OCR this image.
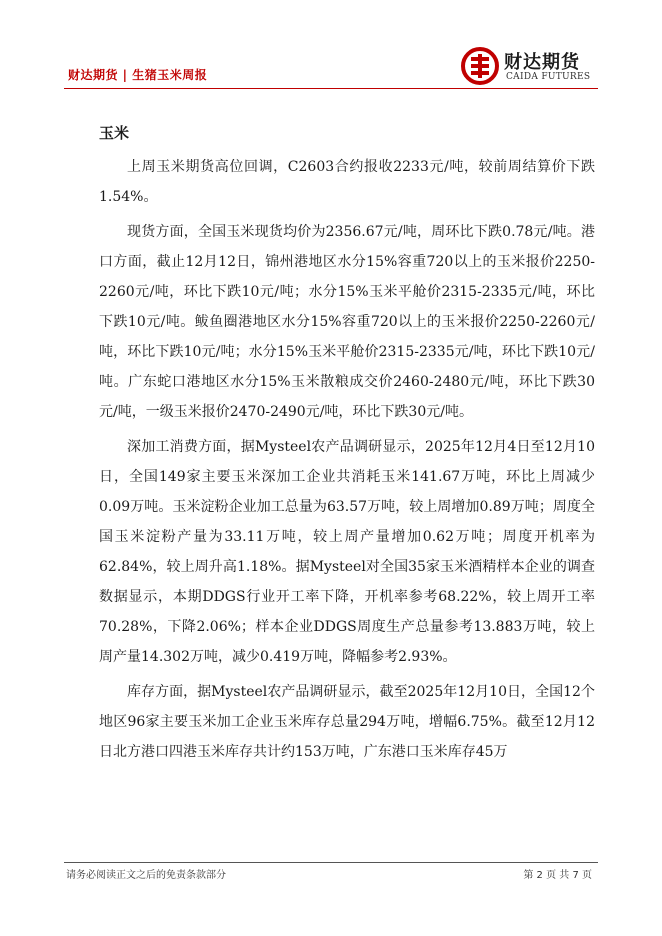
财达期货 | 生猪玉米周报
财达期货
CAIDA FUTURES
玉米

上周玉米期货高位回调，C2603合约报收2233元/吨，较前周结算价下跌1.54%。

现货方面，全国玉米现货均价为2356.67元/吨，周环比下跌0.78元/吨。港口方面，截止12月12日，锦州港地区水分15%容重720以上的玉米报价2250-2260元/吨，环比下跌10元/吨；水分15%玉米平舱价2315-2335元/吨，环比下跌10元/吨。鲅鱼圈港地区水分15%容重720以上的玉米报价2250-2260元/吨，环比下跌10元/吨；水分15%玉米平舱价2315-2335元/吨，环比下跌10元/吨。广东蛇口港地区水分15%玉米散粮成交价2460-2480元/吨，环比下跌30元/吨，一级玉米报价2470-2490元/吨，环比下跌30元/吨。

深加工消费方面，据Mysteel农产品调研显示，2025年12月4日至12月10日，全国149家主要玉米深加工企业共消耗玉米141.67万吨，环比上周减少0.09万吨。玉米淀粉企业加工总量为63.57万吨，较上周增加0.89万吨；周度全国玉米淀粉产量为33.11万吨，较上周产量增加0.62万吨；周度开机率为62.84%，较上周升高1.18%。据Mysteel对全国35家玉米酒精样本企业的调查数据显示，本期DDGS行业开工率下降，开机率参考68.22%，较上周开工率70.28%，下降2.06%；样本企业DDGS周度生产总量参考13.883万吨，较上周产量14.302万吨，减少0.419万吨，降幅参考2.93%。

库存方面，据Mysteel农产品调研显示，截至2025年12月10日，全国12个地区96家主要玉米加工企业玉米库存总量294万吨，增幅6.75%。截至12月12日北方港口四港玉米库存共计约153万吨，广东港口玉米库存45万

请务必阅读正文之后的免责条款部分	第 2 页 共 7 页
